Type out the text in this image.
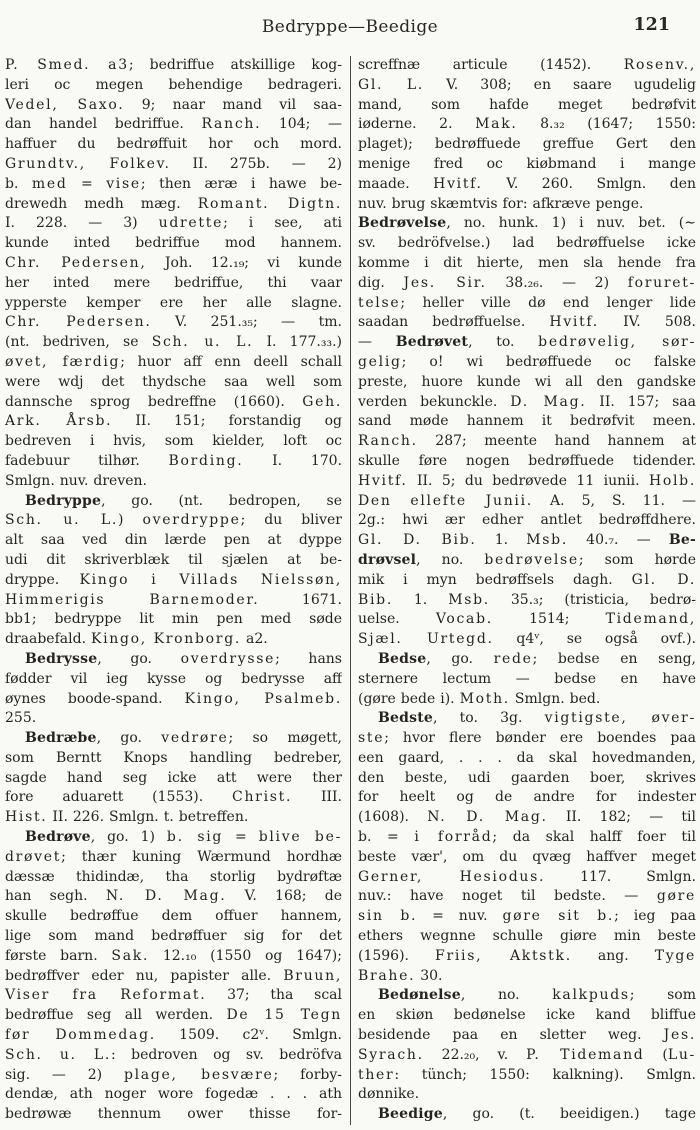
Bedryppe—Beedige	121
P. Smed. a3; bedriffue atskillige kog-
leri oc megen behendige bedrageri.
Vedel, Saxo. 9; naar mand vil saa-
dan handel bedriffue. Ranch. 104; —
haffuer du bedrøffuit hor och mord.
Grundtv., Folkev. II. 275b. — 2)
b. med = vise; then æræ i hawe be-
drewedh medh mæg. Romant. Digtn.
I. 228. — 3) udrette; i see, ati
kunde inted bedriffue mod hannem.
Chr. Pedersen, Joh. 12.₁₉; vi kunde
her inted mere bedriffue, thi vaar
ypperste kemper ere her alle slagne.
Chr. Pedersen. V. 251.₃₅; — tm.
(nt. bedriven, se Sch. u. L. I. 177.₃₃.)
øvet, færdig; huor aff enn deell schall
were wdj det thydsche saa well som
dannsche sprog bedreffne (1660). Geh.
Ark. Årsb. II. 151; forstandig og
bedreven i hvis, som kielder, loft oc
fadebuur tilhør. Bording. I. 170.
Smlgn. nuv. dreven.
Bedryppe, go. (nt. bedropen, se
Sch. u. L.) overdryppe; du bliver
alt saa ved din lærde pen at dyppe
udi dit skriverblæk til sjælen at be-
dryppe. Kingo i Villads Nielssøn,
Himmerigis Barnemoder. 1671.
bb1; bedryppe lit min pen med søde
draabefald. Kingo, Kronborg. a2.
Bedrysse, go. overdrysse; hans
fødder vil ieg kysse og bedrysse aff
øynes boode-spand. Kingo, Psalmeb.
255.
Bedræbe, go. vedrøre; so møgett,
som Berntt Knops handling bedreber,
sagde hand seg icke att were ther
fore aduarett (1553). Christ. III.
Hist. II. 226. Smlgn. t. betreffen.
Bedrøve, go. 1) b. sig = blive be-
drøvet; thær kuning Wærmund hordhæ
dæssæ thidindæ, tha storlig bydrøftæ
han segh. N. D. Mag. V. 168; de
skulle bedrøffue dem offuer hannem,
lige som mand bedrøffuer sig for det
første barn. Sak. 12.₁₀ (1550 og 1647);
bedrøffver eder nu, papister alle. Bruun,
Viser fra Reformat. 37; tha scal
bedrøffue seg all werden. De 15 Tegn
før Dommedag. 1509. c2ᵛ. Smlgn.
Sch. u. L.: bedroven og sv. bedröfva
sig. — 2) plage, besvære; forby-
dendæ, ath noger wore fogedæ . . . ath
bedrøwæ thennum ower thisse for-
screffnæ articule (1452). Rosenv.,
Gl. L. V. 308; en saare ugudelig
mand, som hafde meget bedrøfvit
iøderne. 2. Mak. 8.₃₂ (1647; 1550:
plaget); bedrøffuede greffue Gert den
menige fred oc kiøbmand i mange
maade. Hvitf. V. 260. Smlgn. den
nuv. brug skæmtvis for: afkræve penge.
Bedrøvelse, no. hunk. 1) i nuv. bet. (∼
sv. bedröfvelse.) lad bedrøffuelse icke
komme i dit hierte, men sla hende fra
dig. Jes. Sir. 38.₂₆. — 2) foruret-
telse; heller ville dø end lenger lide
saadan bedrøffuelse. Hvitf. IV. 508.
— Bedrøvet, to. bedrøvelig, sør-
gelig; o! wi bedrøffuede oc falske
preste, huore kunde wi all den gandske
verden bekunckle. D. Mag. II. 157; saa
sand møde hannem it bedrøfvit meen.
Ranch. 287; meente hand hannem at
skulle føre nogen bedrøffuede tidender.
Hvitf. II. 5; du bedrøvede 11 iunii. Holb.
Den ellefte Junii. A. 5, S. 11. —
2g.: hwi ær edher antlet bedrøffdhere.
Gl. D. Bib. 1. Msb. 40.₇. — Be-
drøvsel, no. bedrøvelse; som hørde
mik i myn bedrøffsels dagh. Gl. D.
Bib. 1. Msb. 35.₃; (tristicia, bedrø-
uelse. Vocab. 1514; Tidemand,
Sjæl. Urtegd. q4ᵛ, se også ovf.).
Bedse, go. rede; bedse en seng,
sternere lectum — bedse en have
(gøre bede i). Moth. Smlgn. bed.
Bedste, to. 3g. vigtigste, øver-
ste; hvor flere bønder ere boendes paa
een gaard, . . . da skal hovedmanden,
den beste, udi gaarden boer, skrives
for heelt og de andre for indester
(1608). N. D. Mag. II. 182; — til
b. = i forråd; da skal halff foer til
beste vær', om du qvæg haffver meget
Gerner, Hesiodus. 117. Smlgn.
nuv.: have noget til bedste. — gøre
sin b. = nuv. gøre sit b.; ieg paa
ethers wegnne schulle giøre min beste
(1596). Friis, Aktstk. ang. Tyge
Brahe. 30.
Bedønelse, no. kalkpuds; som
en skiøn bedønelse icke kand bliffue
besidende paa en sletter weg. Jes.
Syrach. 22.₂₀, v. P. Tidemand (Lu-
ther: tünch; 1550: kalkning). Smlgn.
dønnike.
Beedige, go. (t. beeidigen.) tage
